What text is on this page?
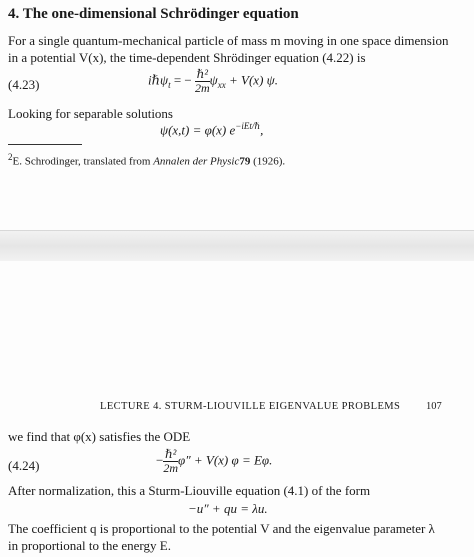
4. The one-dimensional Schrödinger equation
For a single quantum-mechanical particle of mass m moving in one space dimension
in a potential V(x), the time-dependent Shrödinger equation (4.22) is
(4.23)	iℏψ$_t$ = − $\frac{\text{ℏ²}}{2m} \psi_{xx} + V(x)$ ψ.
Looking for separable solutions
ψ(x,t) = φ(x) $e^{-iEt/\hbar}$,
$^2$E. Schrodinger, translated from Annalen der Physic79 (1926).
LECTURE 4. STURM-LIOUVILLE EIGENVALUE PROBLEMS 107
we find that φ(x) satisfies the ODE
(4.24)	− $\frac{\text{ℏ²}}{2m} \varphi'' + V(x) \varphi = E\varphi$.
After normalization, this a Sturm-Liouville equation (4.1) of the form
−u″ + qu = λu.
The coefficient q is proportional to the potential V and the eigenvalue parameter λ
in proportional to the energy E.
